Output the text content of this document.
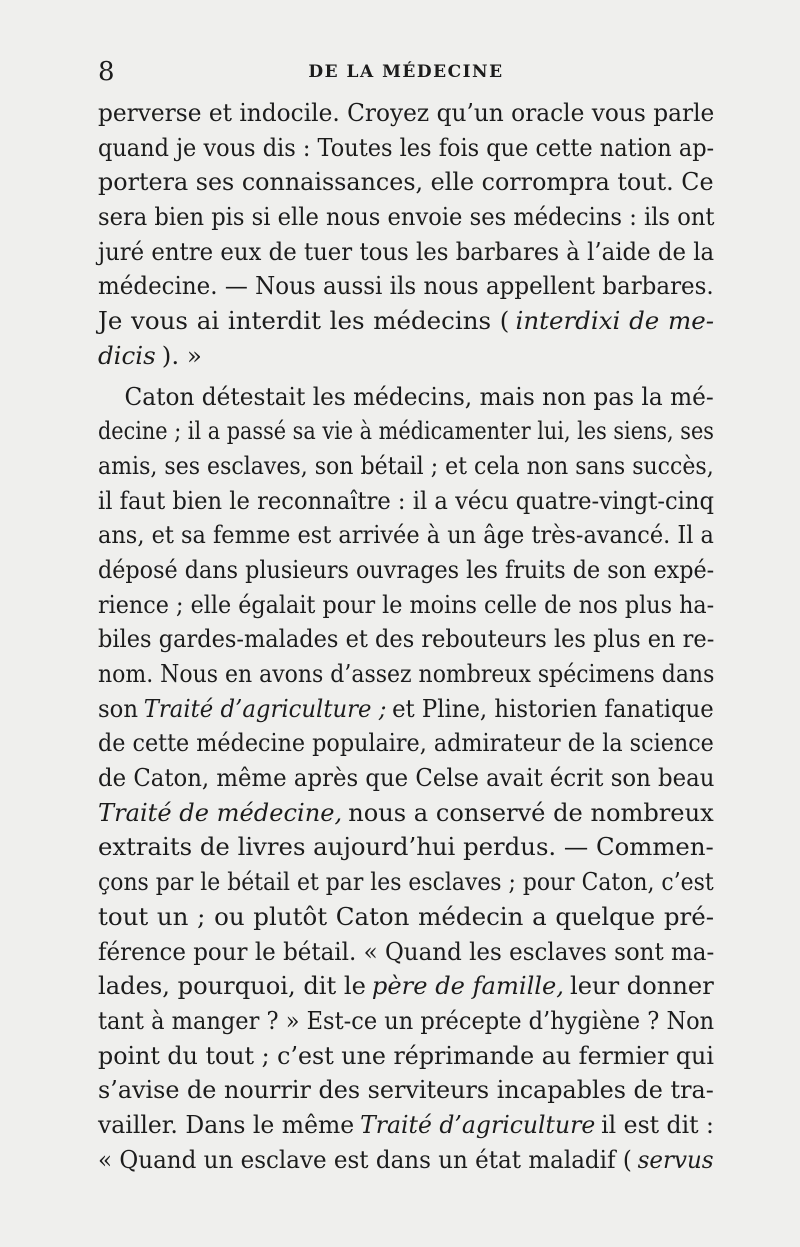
8	DE LA MÉDECINE
perverse et indocile. Croyez qu’un oracle vous parle
quand je vous dis : Toutes les fois que cette nation ap-
portera ses connaissances, elle corrompra tout. Ce
sera bien pis si elle nous envoie ses médecins : ils ont
juré entre eux de tuer tous les barbares à l’aide de la
médecine. — Nous aussi ils nous appellent barbares.
Je vous ai interdit les médecins ( interdixi de me-
dicis ). »
Caton détestait les médecins, mais non pas la mé-
decine ; il a passé sa vie à médicamenter lui, les siens, ses
amis, ses esclaves, son bétail ; et cela non sans succès,
il faut bien le reconnaître : il a vécu quatre-vingt-cinq
ans, et sa femme est arrivée à un âge très-avancé. Il a
déposé dans plusieurs ouvrages les fruits de son expé-
rience ; elle égalait pour le moins celle de nos plus ha-
biles gardes-malades et des rebouteurs les plus en re-
nom. Nous en avons d’assez nombreux spécimens dans
son Traité d’agriculture ; et Pline, historien fanatique
de cette médecine populaire, admirateur de la science
de Caton, même après que Celse avait écrit son beau
Traité de médecine, nous a conservé de nombreux
extraits de livres aujourd’hui perdus. — Commen-
çons par le bétail et par les esclaves ; pour Caton, c’est
tout un ; ou plutôt Caton médecin a quelque pré-
férence pour le bétail. « Quand les esclaves sont ma-
lades, pourquoi, dit le père de famille, leur donner
tant à manger ? » Est-ce un précepte d’hygiène ? Non
point du tout ; c’est une réprimande au fermier qui
s’avise de nourrir des serviteurs incapables de tra-
vailler. Dans le même Traité d’agriculture il est dit :
« Quand un esclave est dans un état maladif ( servus
